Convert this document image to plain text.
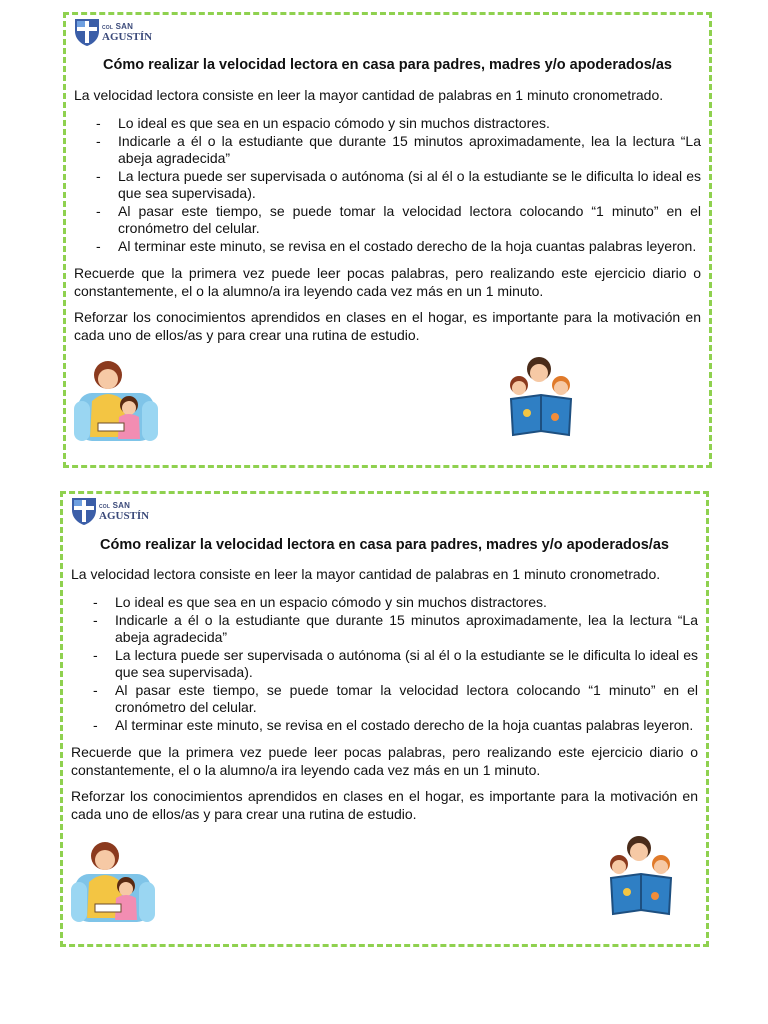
COL SAN
AGUSTÍN
Cómo realizar la velocidad lectora en casa para padres, madres y/o apoderados/as
La velocidad lectora consiste en leer la mayor cantidad de palabras en 1 minuto cronometrado.
- Lo ideal es que sea en un espacio cómodo y sin muchos distractores.
- Indicarle a él o la estudiante que durante 15 minutos aproximadamente, lea la lectura “La abeja agradecida”
- La lectura puede ser supervisada o autónoma (si al él o la estudiante se le dificulta lo ideal es que sea supervisada).
- Al pasar este tiempo, se puede tomar la velocidad lectora colocando “1 minuto” en el cronómetro del celular.
- Al terminar este minuto, se revisa en el costado derecho de la hoja cuantas palabras leyeron.
Recuerde que la primera vez puede leer pocas palabras, pero realizando este ejercicio diario o constantemente, el o la alumno/a ira leyendo cada vez más en un 1 minuto.
Reforzar los conocimientos aprendidos en clases en el hogar, es importante para la motivación en cada uno de ellos/as y para crear una rutina de estudio.
COL SAN
AGUSTÍN
Cómo realizar la velocidad lectora en casa para padres, madres y/o apoderados/as
La velocidad lectora consiste en leer la mayor cantidad de palabras en 1 minuto cronometrado.
- Lo ideal es que sea en un espacio cómodo y sin muchos distractores.
- Indicarle a él o la estudiante que durante 15 minutos aproximadamente, lea la lectura “La abeja agradecida”
- La lectura puede ser supervisada o autónoma (si al él o la estudiante se le dificulta lo ideal es que sea supervisada).
- Al pasar este tiempo, se puede tomar la velocidad lectora colocando “1 minuto” en el cronómetro del celular.
- Al terminar este minuto, se revisa en el costado derecho de la hoja cuantas palabras leyeron.
Recuerde que la primera vez puede leer pocas palabras, pero realizando este ejercicio diario o constantemente, el o la alumno/a ira leyendo cada vez más en un 1 minuto.
Reforzar los conocimientos aprendidos en clases en el hogar, es importante para la motivación en cada uno de ellos/as y para crear una rutina de estudio.
